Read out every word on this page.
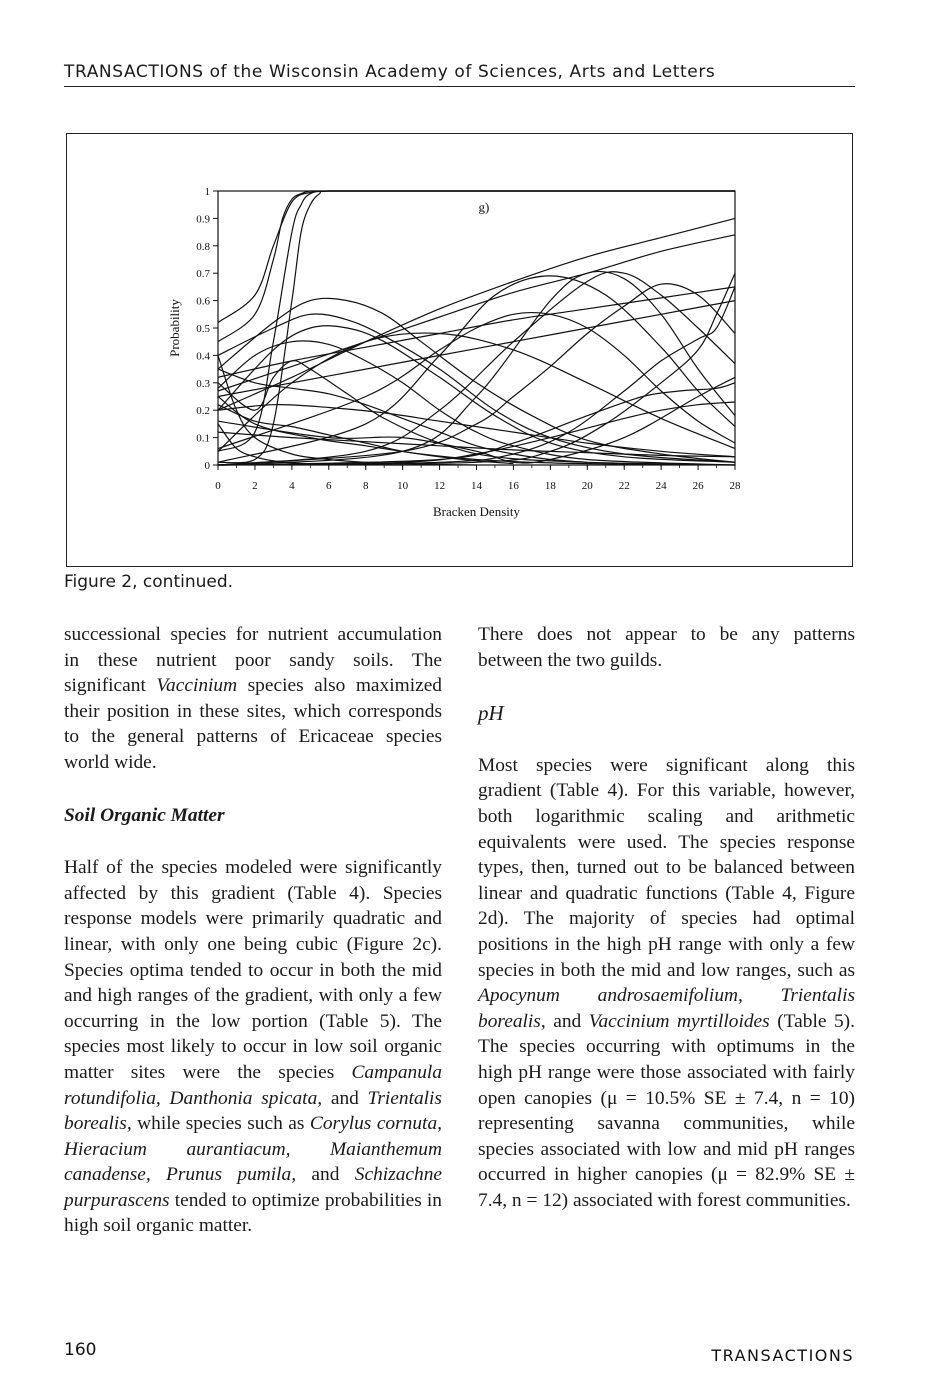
TRANSACTIONS of the Wisconsin Academy of Sciences, Arts and Letters
0
0.1
0.2
0.3
0.4
0.5
0.6
0.7
0.8
0.9
1
0	2	4	6	8	10 12 14 16 18 20 22 24 26 28
Bracken Density
Probability
g)
Figure 2, continued.

successional species for nutrient accumulation in these nutrient poor sandy soils. The significant Vaccinium species also maximized their position in these sites, which corresponds to the general patterns of Ericaceae species world wide.

Soil Organic Matter

Half of the species modeled were significantly affected by this gradient (Table 4). Species response models were primarily quadratic and linear, with only one being cubic (Figure 2c). Species optima tended to occur in both the mid and high ranges of the gradient, with only a few occurring in the low portion (Table 5). The species most likely to occur in low soil organic matter sites were the species Campanula rotundifolia, Danthonia spicata, and Trientalis borealis, while species such as Corylus cornuta, Hieracium aurantiacum, Maianthemum canadense, Prunus pumila, and Schizachne purpurascens tended to optimize probabilities in high soil organic matter.

There does not appear to be any patterns between the two guilds.

pH

Most species were significant along this gradient (Table 4). For this variable, however, both logarithmic scaling and arithmetic equivalents were used. The species response types, then, turned out to be balanced between linear and quadratic functions (Table 4, Figure 2d). The majority of species had optimal positions in the high pH range with only a few species in both the mid and low ranges, such as Apocynum androsaemifolium, Trientalis borealis, and Vaccinium myrtilloides (Table 5). The species occurring with optimums in the high pH range were those associated with fairly open canopies (μ = 10.5% SE ± 7.4, n = 10) representing savanna communities, while species associated with low and mid pH ranges occurred in higher canopies (μ = 82.9% SE ± 7.4, n = 12) associated with forest communities.

160	TRANSACTIONS
